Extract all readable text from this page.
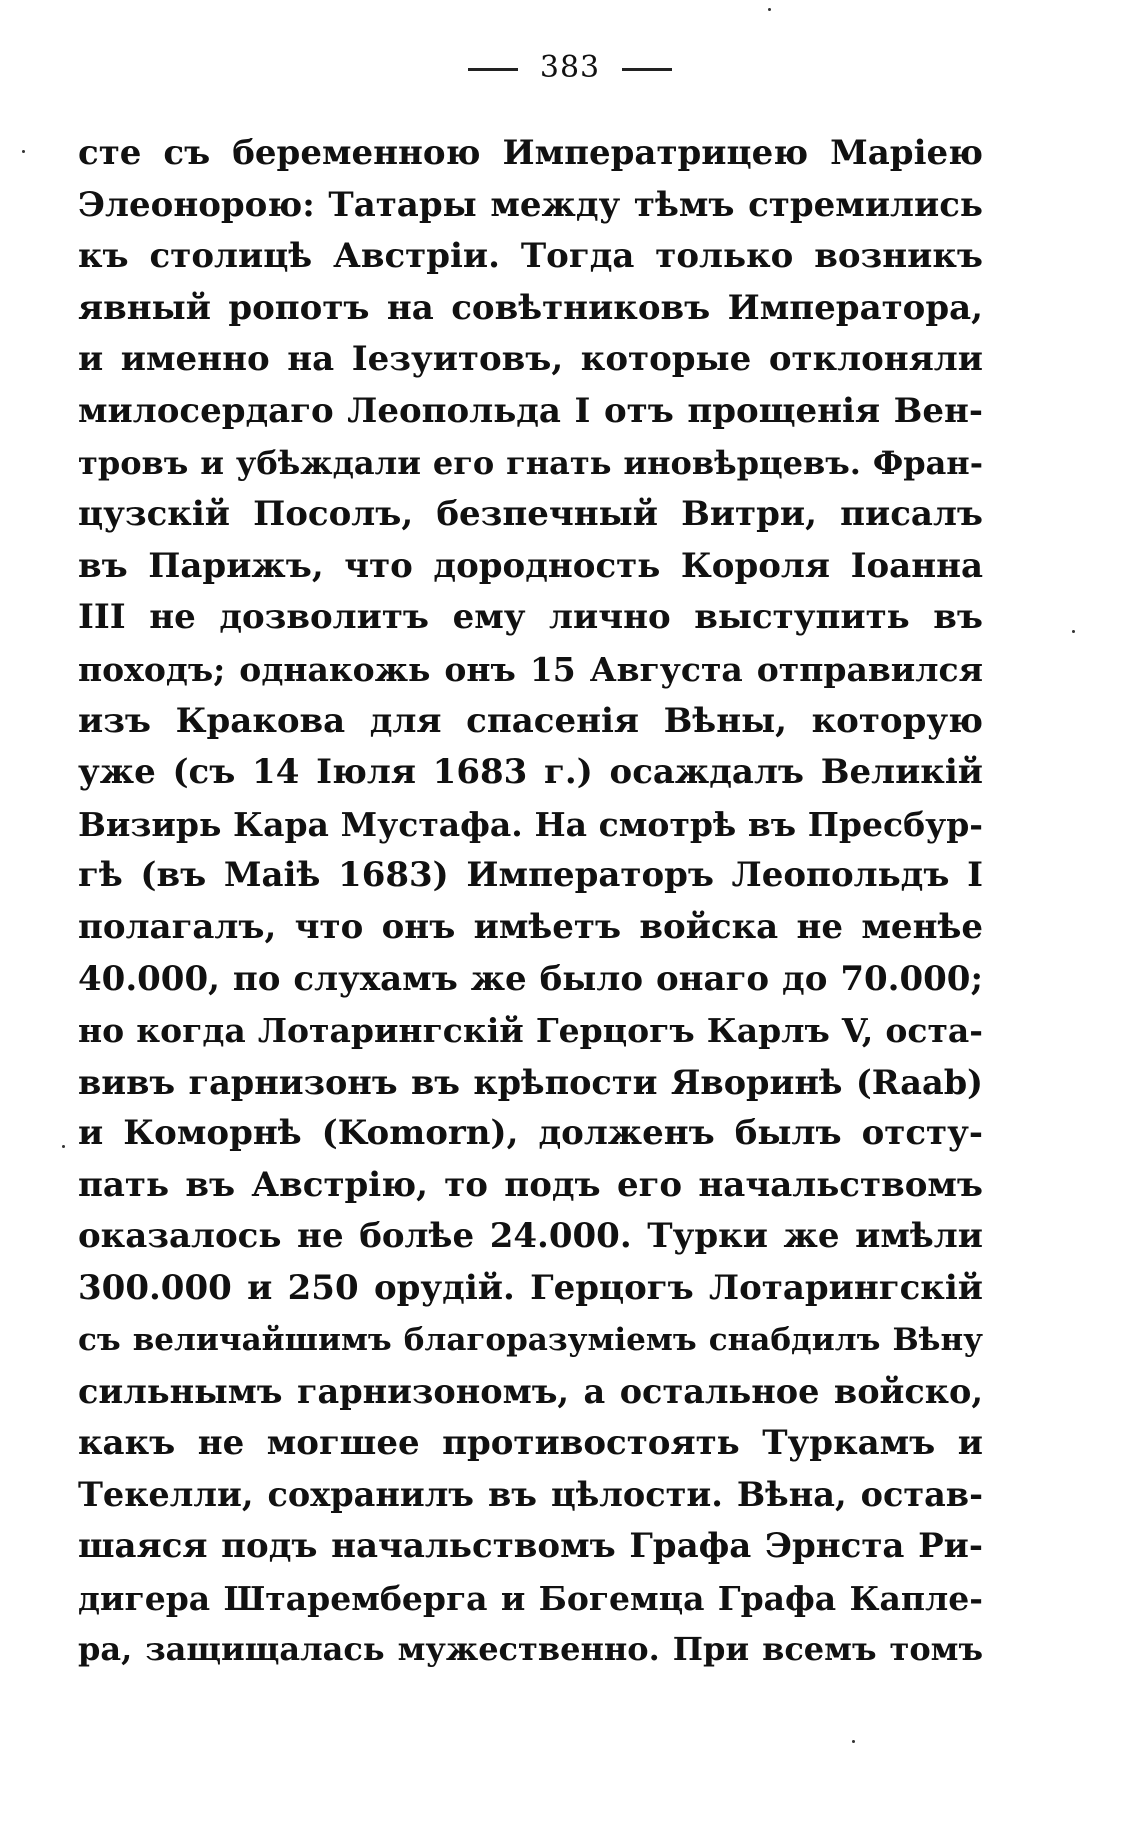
383
сте съ беременною Императрицею Маріею
Элеонорою: Татары между тѣмъ стремились
къ столицѣ Австріи. Тогда только возникъ
явный ропотъ на совѣтниковъ Императора,
и именно на Іезуитовъ, которые отклоняли
милосердаго Леопольда I отъ прощенія Вен-
тровъ и убѣждали его гнать иновѣрцевъ. Фран-
цузскій Посолъ, безпечный Витри, писалъ
въ Парижъ, что дородность Короля Іоанна
III не дозволитъ ему лично выступить въ
походъ; однакожь онъ 15 Августа отправился
изъ Кракова для спасенія Вѣны, которую
уже (съ 14 Іюля 1683 г.) осаждалъ Великій
Визирь Кара Мустафа. На смотрѣ въ Пресбур-
гѣ (въ Маіѣ 1683) Императоръ Леопольдъ I
полагалъ, что онъ имѣетъ войска не менѣе
40.000, по слухамъ же было онаго до 70.000;
но когда Лотарингскій Герцогъ Карлъ V, оста-
вивъ гарнизонъ въ крѣпости Яворинѣ (Raab)
и Коморнѣ (Komorn), долженъ былъ отсту-
пать въ Австрію, то подъ его начальствомъ
оказалось не болѣе 24.000. Турки же имѣли
300.000 и 250 орудій. Герцогъ Лотарингскій
съ величайшимъ благоразуміемъ снабдилъ Вѣну
сильнымъ гарнизономъ, а остальное войско,
какъ не могшее противостоять Туркамъ и
Текелли, сохранилъ въ цѣлости. Вѣна, остав-
шаяся подъ начальствомъ Графа Эрнста Ри-
дигера Штаремберга и Богемца Графа Капле-
ра, защищалась мужественно. При всемъ томъ
